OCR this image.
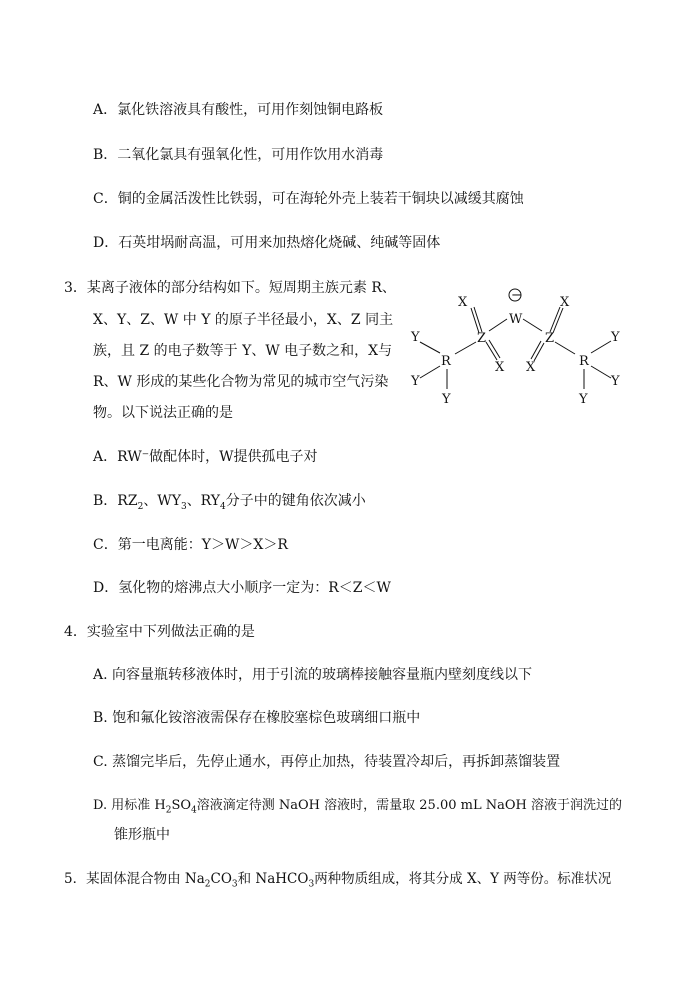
A．氯化铁溶液具有酸性，可用作刻蚀铜电路板
B．二氧化氯具有强氧化性，可用作饮用水消毒
C．铜的金属活泼性比铁弱，可在海轮外壳上装若干铜块以减缓其腐蚀
D．石英坩埚耐高温，可用来加热熔化烧碱、纯碱等固体
3．某离子液体的部分结构如下。短周期主族元素 R、
X、Y、Z、W 中 Y 的原子半径最小，X、Z 同主
族，且 Z 的电子数等于 Y、W 电子数之和，X与
R、W 形成的某些化合物为常见的城市空气污染
物。以下说法正确的是
−
X	X
W
Z	Z
X X
R	R
Y
Y
Y
Y
Y
Y
A．RW⁻做配体时，W提供孤电子对
B．$RZ_2$、$WY_3$、$RY_4$分子中的键角依次减小
C．第一电离能：Y＞W＞X＞R
D．氢化物的熔沸点大小顺序一定为：R＜Z＜W
4．实验室中下列做法正确的是
A. 向容量瓶转移液体时，用于引流的玻璃棒接触容量瓶内壁刻度线以下
B. 饱和氟化铵溶液需保存在橡胶塞棕色玻璃细口瓶中
C. 蒸馏完毕后，先停止通水，再停止加热，待装置冷却后，再拆卸蒸馏装置
D. 用标准 $H_2SO_4$溶液滴定待测 NaOH 溶液时，需量取 25.00 mL NaOH 溶液于润洗过的
锥形瓶中
5．某固体混合物由 $Na_2CO_3$和 NaHCO$_3$两种物质组成，将其分成 X、Y 两等份。标准状况
